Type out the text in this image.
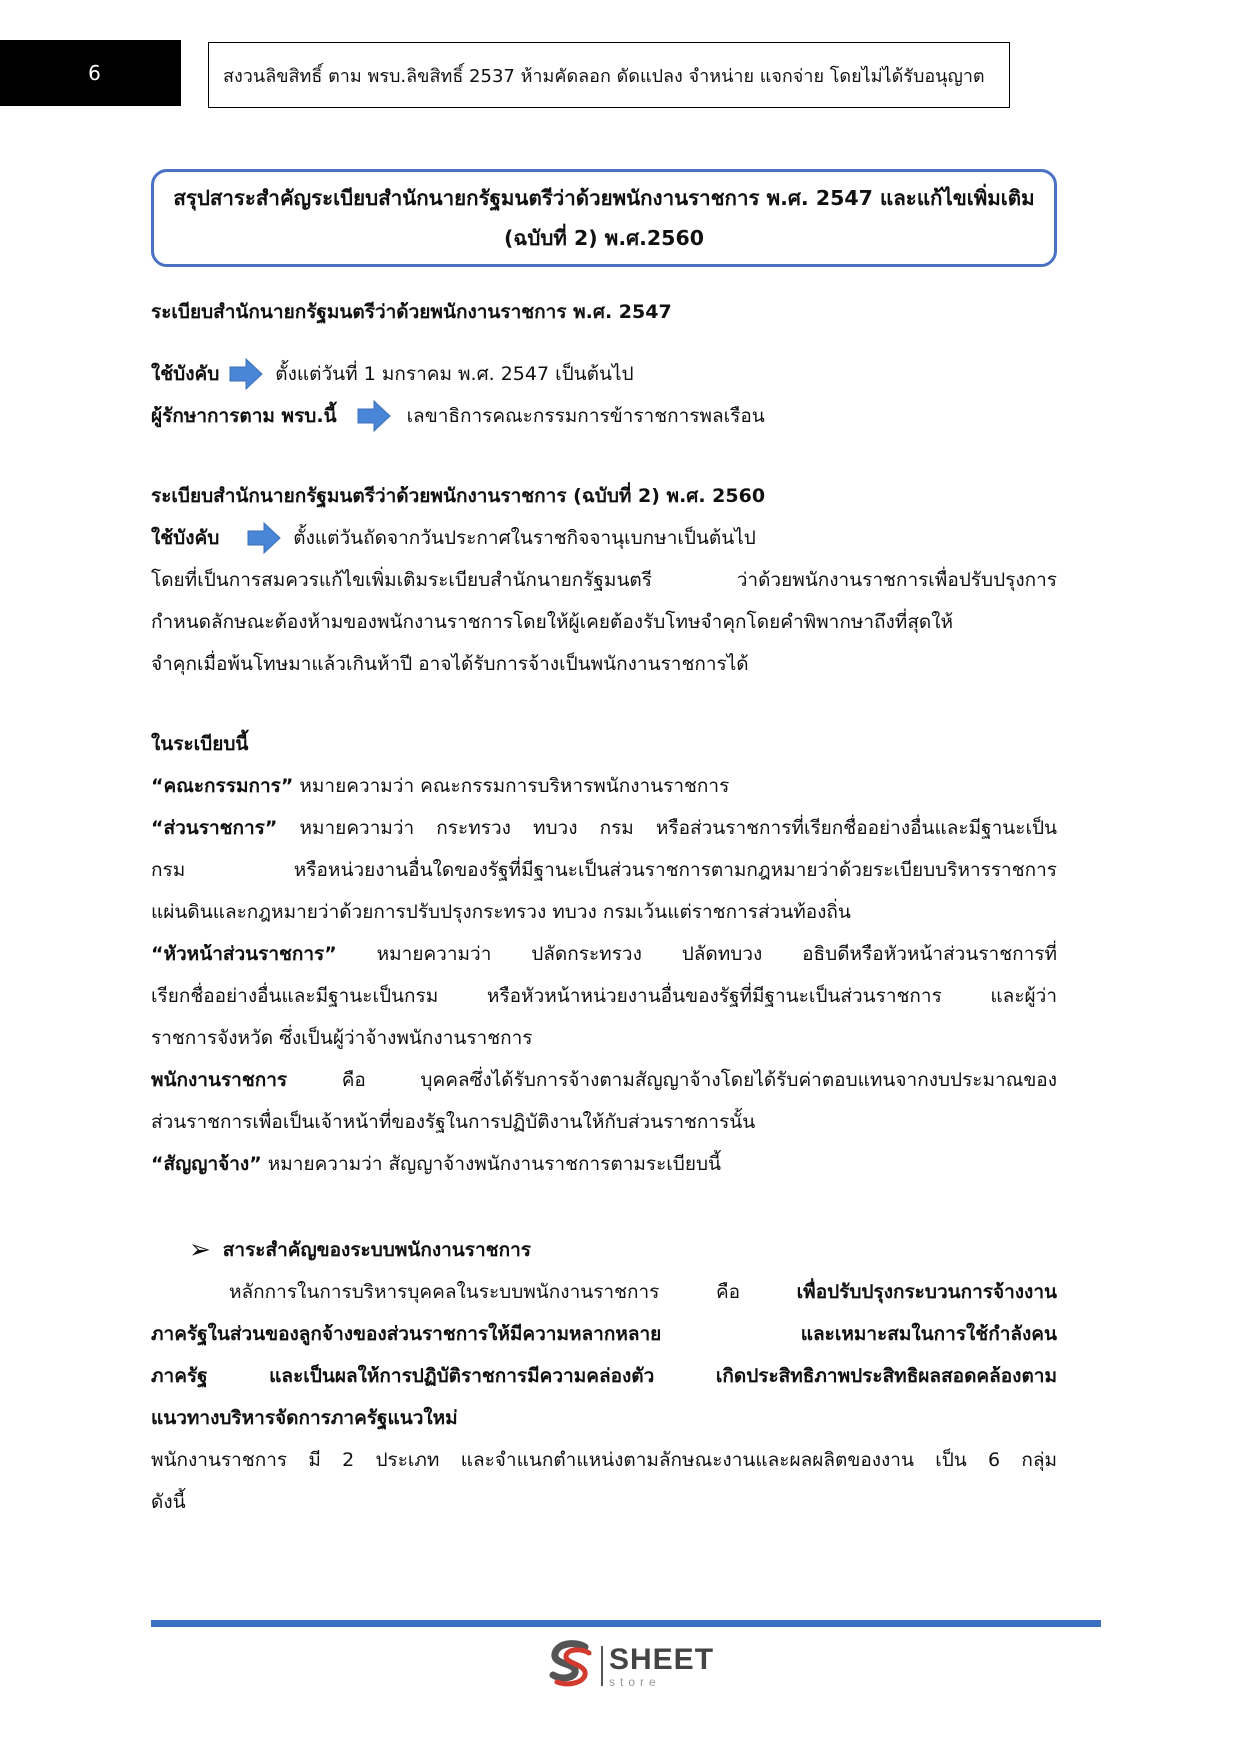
6	สงวนลิขสิทธิ์ ตาม พรบ.ลิขสิทธิ์ 2537 ห้ามคัดลอก ดัดแปลง จำหน่าย แจกจ่าย โดยไม่ได้รับอนุญาต
สรุปสาระสำคัญระเบียบสำนักนายกรัฐมนตรีว่าด้วยพนักงานราชการ พ.ศ. 2547 และแก้ไขเพิ่มเติม
(ฉบับที่ 2) พ.ศ.2560

ระเบียบสำนักนายกรัฐมนตรีว่าด้วยพนักงานราชการ พ.ศ. 2547

ใช้บังคับ	ตั้งแต่วันที่ 1 มกราคม พ.ศ. 2547 เป็นต้นไป
ผู้รักษาการตาม พรบ.นี้	เลขาธิการคณะกรรมการข้าราชการพลเรือน

ระเบียบสำนักนายกรัฐมนตรีว่าด้วยพนักงานราชการ (ฉบับที่ 2) พ.ศ. 2560

ใช้บังคับ	ตั้งแต่วันถัดจากวันประกาศในราชกิจจานุเบกษาเป็นต้นไป

โดยที่เป็นการสมควรแก้ไขเพิ่มเติมระเบียบสำนักนายกรัฐมนตรี ว่าด้วยพนักงานราชการเพื่อปรับปรุงการ

กำหนดลักษณะต้องห้ามของพนักงานราชการโดยให้ผู้เคยต้องรับโทษจำคุกโดยคำพิพากษาถึงที่สุดให้

จำคุกเมื่อพ้นโทษมาแล้วเกินห้าปี อาจได้รับการจ้างเป็นพนักงานราชการได้

ในระเบียบนี้

“คณะกรรมการ” หมายความว่า คณะกรรมการบริหารพนักงานราชการ

“ส่วนราชการ” หมายความว่า กระทรวง ทบวง กรม หรือส่วนราชการที่เรียกชื่ออย่างอื่นและมีฐานะเป็น

กรม หรือหน่วยงานอื่นใดของรัฐที่มีฐานะเป็นส่วนราชการตามกฎหมายว่าด้วยระเบียบบริหารราชการ

แผ่นดินและกฎหมายว่าด้วยการปรับปรุงกระทรวง ทบวง กรมเว้นแต่ราชการส่วนท้องถิ่น

“หัวหน้าส่วนราชการ” หมายความว่า ปลัดกระทรวง ปลัดทบวง อธิบดีหรือหัวหน้าส่วนราชการที่

เรียกชื่ออย่างอื่นและมีฐานะเป็นกรม หรือหัวหน้าหน่วยงานอื่นของรัฐที่มีฐานะเป็นส่วนราชการ และผู้ว่า

ราชการจังหวัด ซึ่งเป็นผู้ว่าจ้างพนักงานราชการ

พนักงานราชการ คือ บุคคลซึ่งได้รับการจ้างตามสัญญาจ้างโดยได้รับค่าตอบแทนจากงบประมาณของ

ส่วนราชการเพื่อเป็นเจ้าหน้าที่ของรัฐในการปฏิบัติงานให้กับส่วนราชการนั้น

“สัญญาจ้าง” หมายความว่า สัญญาจ้างพนักงานราชการตามระเบียบนี้

➢ สาระสำคัญของระบบพนักงานราชการ

หลักการในการบริหารบุคคลในระบบพนักงานราชการ คือ เพื่อปรับปรุงกระบวนการจ้างงาน

ภาครัฐในส่วนของลูกจ้างของส่วนราชการให้มีความหลากหลาย และเหมาะสมในการใช้กำลังคน

ภาครัฐ และเป็นผลให้การปฏิบัติราชการมีความคล่องตัว เกิดประสิทธิภาพประสิทธิผลสอดคล้องตาม

แนวทางบริหารจัดการภาครัฐแนวใหม่

พนักงานราชการ มี 2 ประเภท และจำแนกตำแหน่งตามลักษณะงานและผลผลิตของงาน เป็น 6 กลุ่ม

ดังนี้

SHEET
store
